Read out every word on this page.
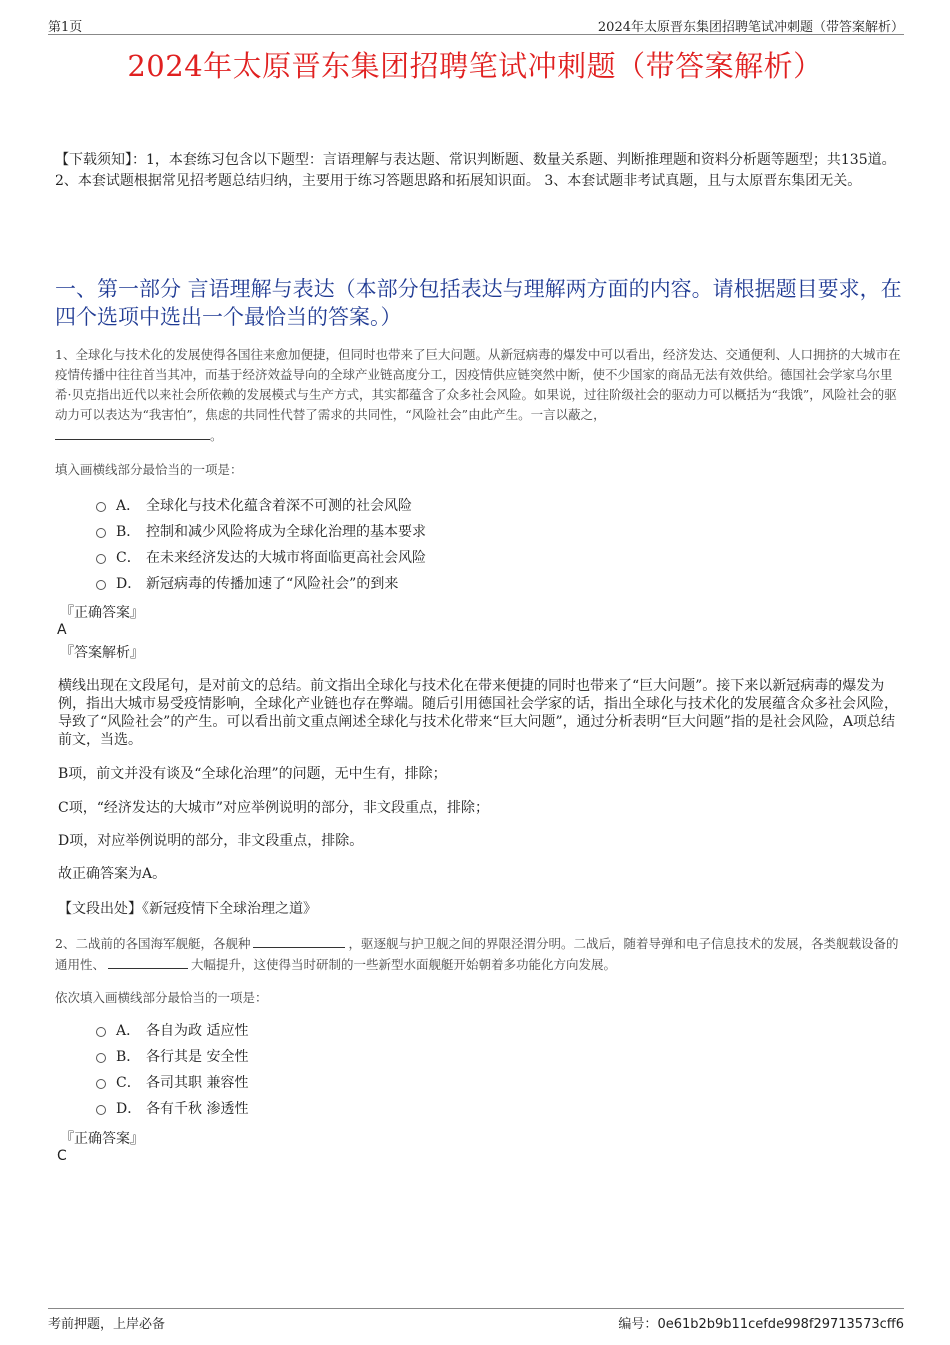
第1页	2024年太原晋东集团招聘笔试冲刺题（带答案解析）
2024年太原晋东集团招聘笔试冲刺题（带答案解析）
【下载须知】：1，本套练习包含以下题型：言语理解与表达题、常识判断题、数量关系题、判断推理题和资料分析题等题型；共135道。 2、本套试题根据常见招考题总结归纳，主要用于练习答题思路和拓展知识面。 3、本套试题非考试真题，且与太原晋东集团无关。
一、第一部分 言语理解与表达（本部分包括表达与理解两方面的内容。请根据题目要求，在四个选项中选出一个最恰当的答案。）
1、全球化与技术化的发展使得各国往来愈加便捷，但同时也带来了巨大问题。从新冠病毒的爆发中可以看出，经济发达、交通便利、人口拥挤的大城市在疫情传播中往往首当其冲，而基于经济效益导向的全球产业链高度分工，因疫情供应链突然中断，使不少国家的商品无法有效供给。德国社会学家乌尔里希·贝克指出近代以来社会所依赖的发展模式与生产方式，其实都蕴含了众多社会风险。如果说，过往阶级社会的驱动力可以概括为“我饿”，风险社会的驱动力可以表达为“我害怕”，焦虑的共同性代替了需求的共同性，“风险社会”由此产生。一言以蔽之，
。
填入画横线部分最恰当的一项是：
A． 全球化与技术化蕴含着深不可测的社会风险
B． 控制和减少风险将成为全球化治理的基本要求
C． 在未来经济发达的大城市将面临更高社会风险
D． 新冠病毒的传播加速了“风险社会”的到来
『正确答案』
A
『答案解析』
横线出现在文段尾句，是对前文的总结。前文指出全球化与技术化在带来便捷的同时也带来了“巨大问题”。接下来以新冠病毒的爆发为例，指出大城市易受疫情影响，全球化产业链也存在弊端。随后引用德国社会学家的话，指出全球化与技术化的发展蕴含众多社会风险，导致了“风险社会”的产生。可以看出前文重点阐述全球化与技术化带来“巨大问题”，通过分析表明“巨大问题”指的是社会风险，A项总结前文，当选。
B项，前文并没有谈及“全球化治理”的问题，无中生有，排除；
C项，“经济发达的大城市”对应举例说明的部分，非文段重点，排除；
D项，对应举例说明的部分，非文段重点，排除。
故正确答案为A。
【文段出处】《新冠疫情下全球治理之道》
2、二战前的各国海军舰艇，各舰种	，驱逐舰与护卫舰之间的界限泾渭分明。二战后，随着导弹和电子信息技术的发展，各类舰载设备的通用性、	大幅提升，这使得当时研制的一些新型水面舰艇开始朝着多功能化方向发展。
依次填入画横线部分最恰当的一项是：
A． 各自为政 适应性
B． 各行其是 安全性
C． 各司其职 兼容性
D． 各有千秋 渗透性
『正确答案』
C
考前押题，上岸必备	编号：0e61b2b9b11cefde998f29713573cff6
